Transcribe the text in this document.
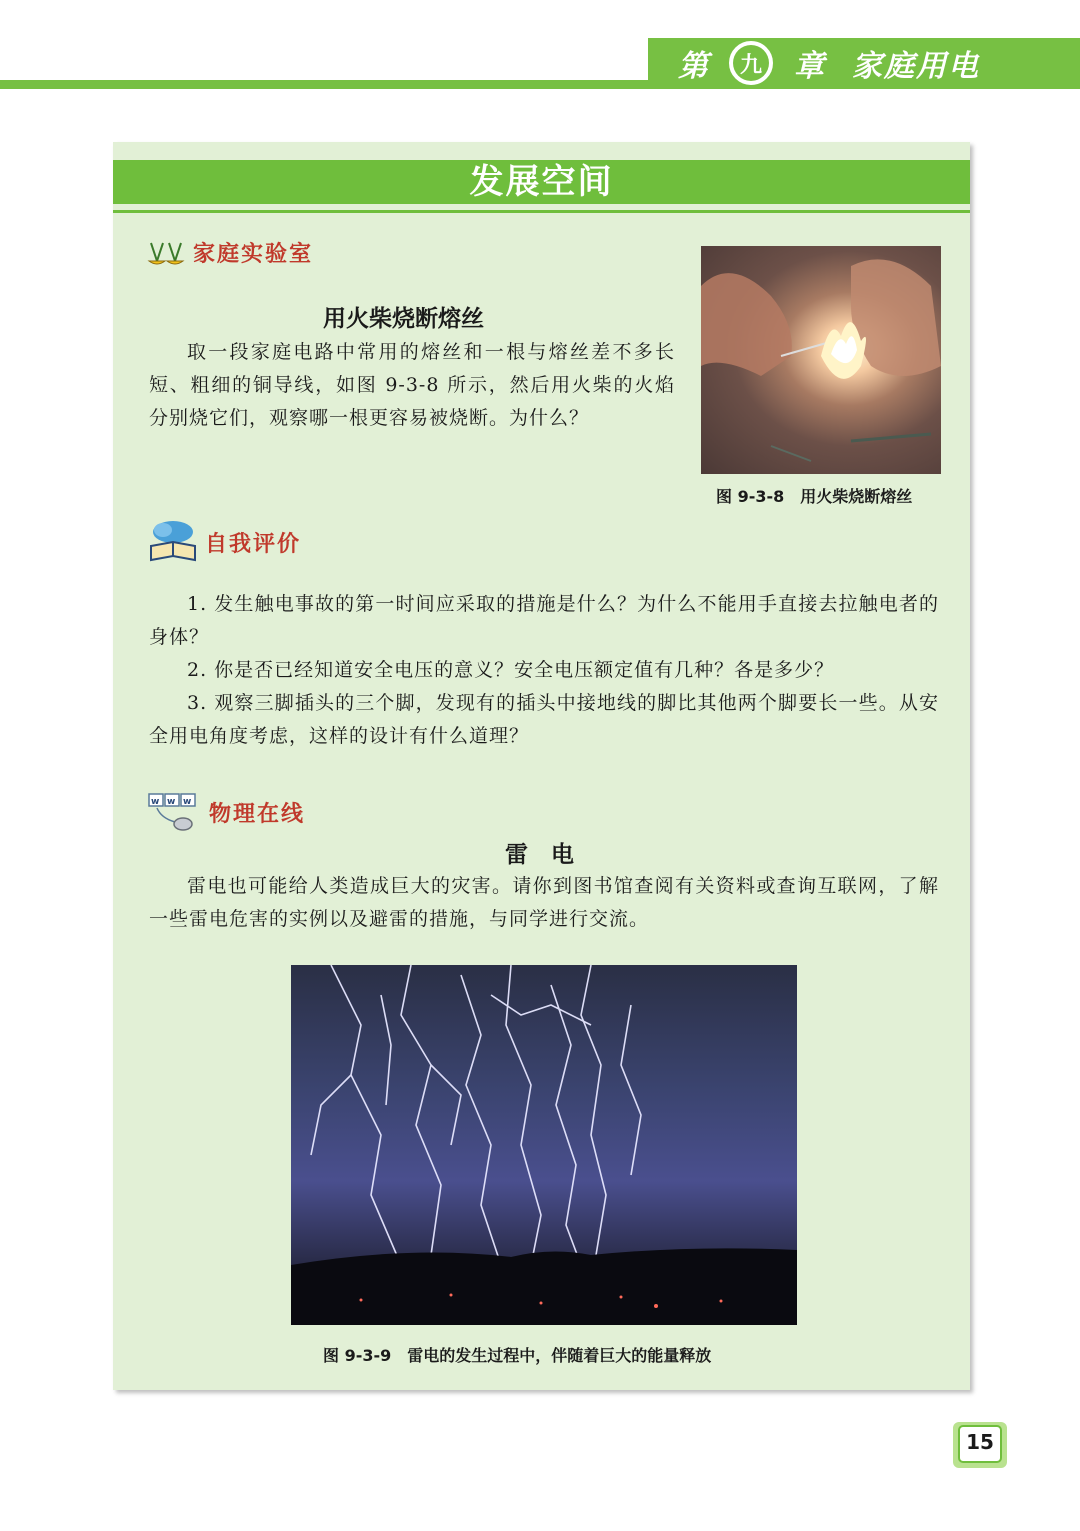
第	九 章 家庭用电
发展空间
家庭实验室
用火柴烧断熔丝

取一段家庭电路中常用的熔丝和一根与熔丝差不多长短、粗细的铜导线，如图 9-3-8 所示，然后用火柴的火焰分别烧它们，观察哪一根更容易被烧断。为什么？

图 9-3-8　用火柴烧断熔丝
自我评价

1. 发生触电事故的第一时间应采取的措施是什么？为什么不能用手直接去拉触电者的身体？

2. 你是否已经知道安全电压的意义？安全电压额定值有几种？各是多少？

3. 观察三脚插头的三个脚，发现有的插头中接地线的脚比其他两个脚要长一些。从安全用电角度考虑，这样的设计有什么道理？

w w w 物理在线
雷　电

雷电也可能给人类造成巨大的灾害。请你到图书馆查阅有关资料或查询互联网，了解一些雷电危害的实例以及避雷的措施，与同学进行交流。

图 9-3-9　雷电的发生过程中，伴随着巨大的能量释放
15
